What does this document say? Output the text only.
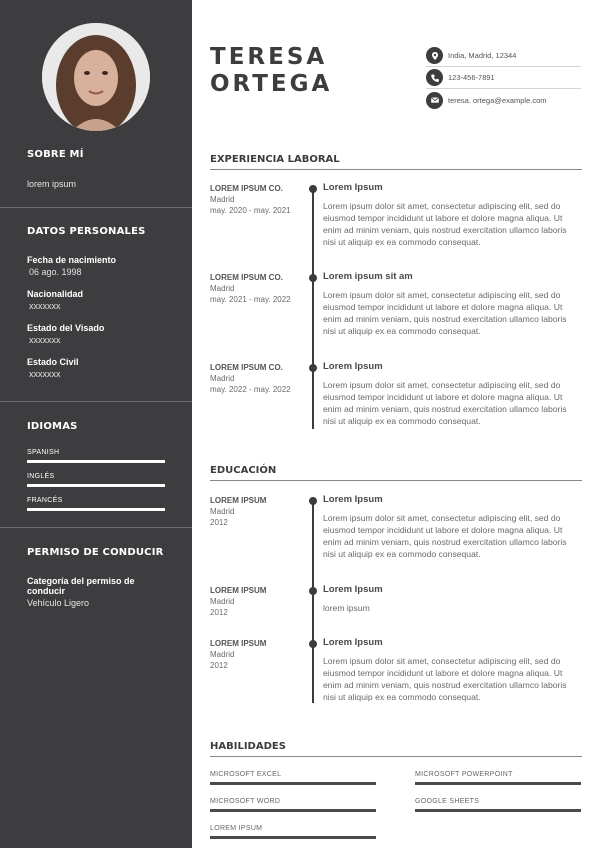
SOBRE MÍ
lorem ipsum
DATOS PERSONALES
Fecha de nacimiento
06 ago. 1998
Nacionalidad
xxxxxxx
Estado del Visado
xxxxxxx
Estado Civil
xxxxxxx
IDIOMAS
SPANISH
INGLÉS
FRANCÉS
PERMISO DE CONDUCIR
Categoría del permiso de conducir
Vehículo Ligero
TERESA
ORTEGA
India, Madrid, 12344
123-456-7891
teresa. ortega@example.com
EXPERIENCIA LABORAL
LOREM IPSUM CO.
Madrid
may. 2020 - may. 2021
Lorem Ipsum
Lorem ipsum dolor sit amet, consectetur adipiscing elit, sed do eiusmod tempor incididunt ut labore et dolore magna aliqua. Ut enim ad minim veniam, quis nostrud exercitation ullamco laboris nisi ut aliquip ex ea commodo consequat.
LOREM IPSUM CO.
Madrid
may. 2021 - may. 2022
Lorem ipsum sit am
Lorem ipsum dolor sit amet, consectetur adipiscing elit, sed do eiusmod tempor incididunt ut labore et dolore magna aliqua. Ut enim ad minim veniam, quis nostrud exercitation ullamco laboris nisi ut aliquip ex ea commodo consequat.
LOREM IPSUM CO.
Madrid
may. 2022 - may. 2022
Lorem Ipsum
Lorem ipsum dolor sit amet, consectetur adipiscing elit, sed do eiusmod tempor incididunt ut labore et dolore magna aliqua. Ut enim ad minim veniam, quis nostrud exercitation ullamco laboris nisi ut aliquip ex ea commodo consequat.
EDUCACIÓN
LOREM IPSUM
Madrid
2012
Lorem Ipsum
Lorem ipsum dolor sit amet, consectetur adipiscing elit, sed do eiusmod tempor incididunt ut labore et dolore magna aliqua. Ut enim ad minim veniam, quis nostrud exercitation ullamco laboris nisi ut aliquip ex ea commodo consequat.
LOREM IPSUM
Madrid
2012
Lorem Ipsum
lorem ipsum
LOREM IPSUM
Madrid
2012
Lorem Ipsum
Lorem ipsum dolor sit amet, consectetur adipiscing elit, sed do eiusmod tempor incididunt ut labore et dolore magna aliqua. Ut enim ad minim veniam, quis nostrud exercitation ullamco laboris nisi ut aliquip ex ea commodo consequat.
HABILIDADES
MICROSOFT EXCEL	MICROSOFT POWERPOINT
MICROSOFT WORD	GOOGLE SHEETS
LOREM IPSUM
